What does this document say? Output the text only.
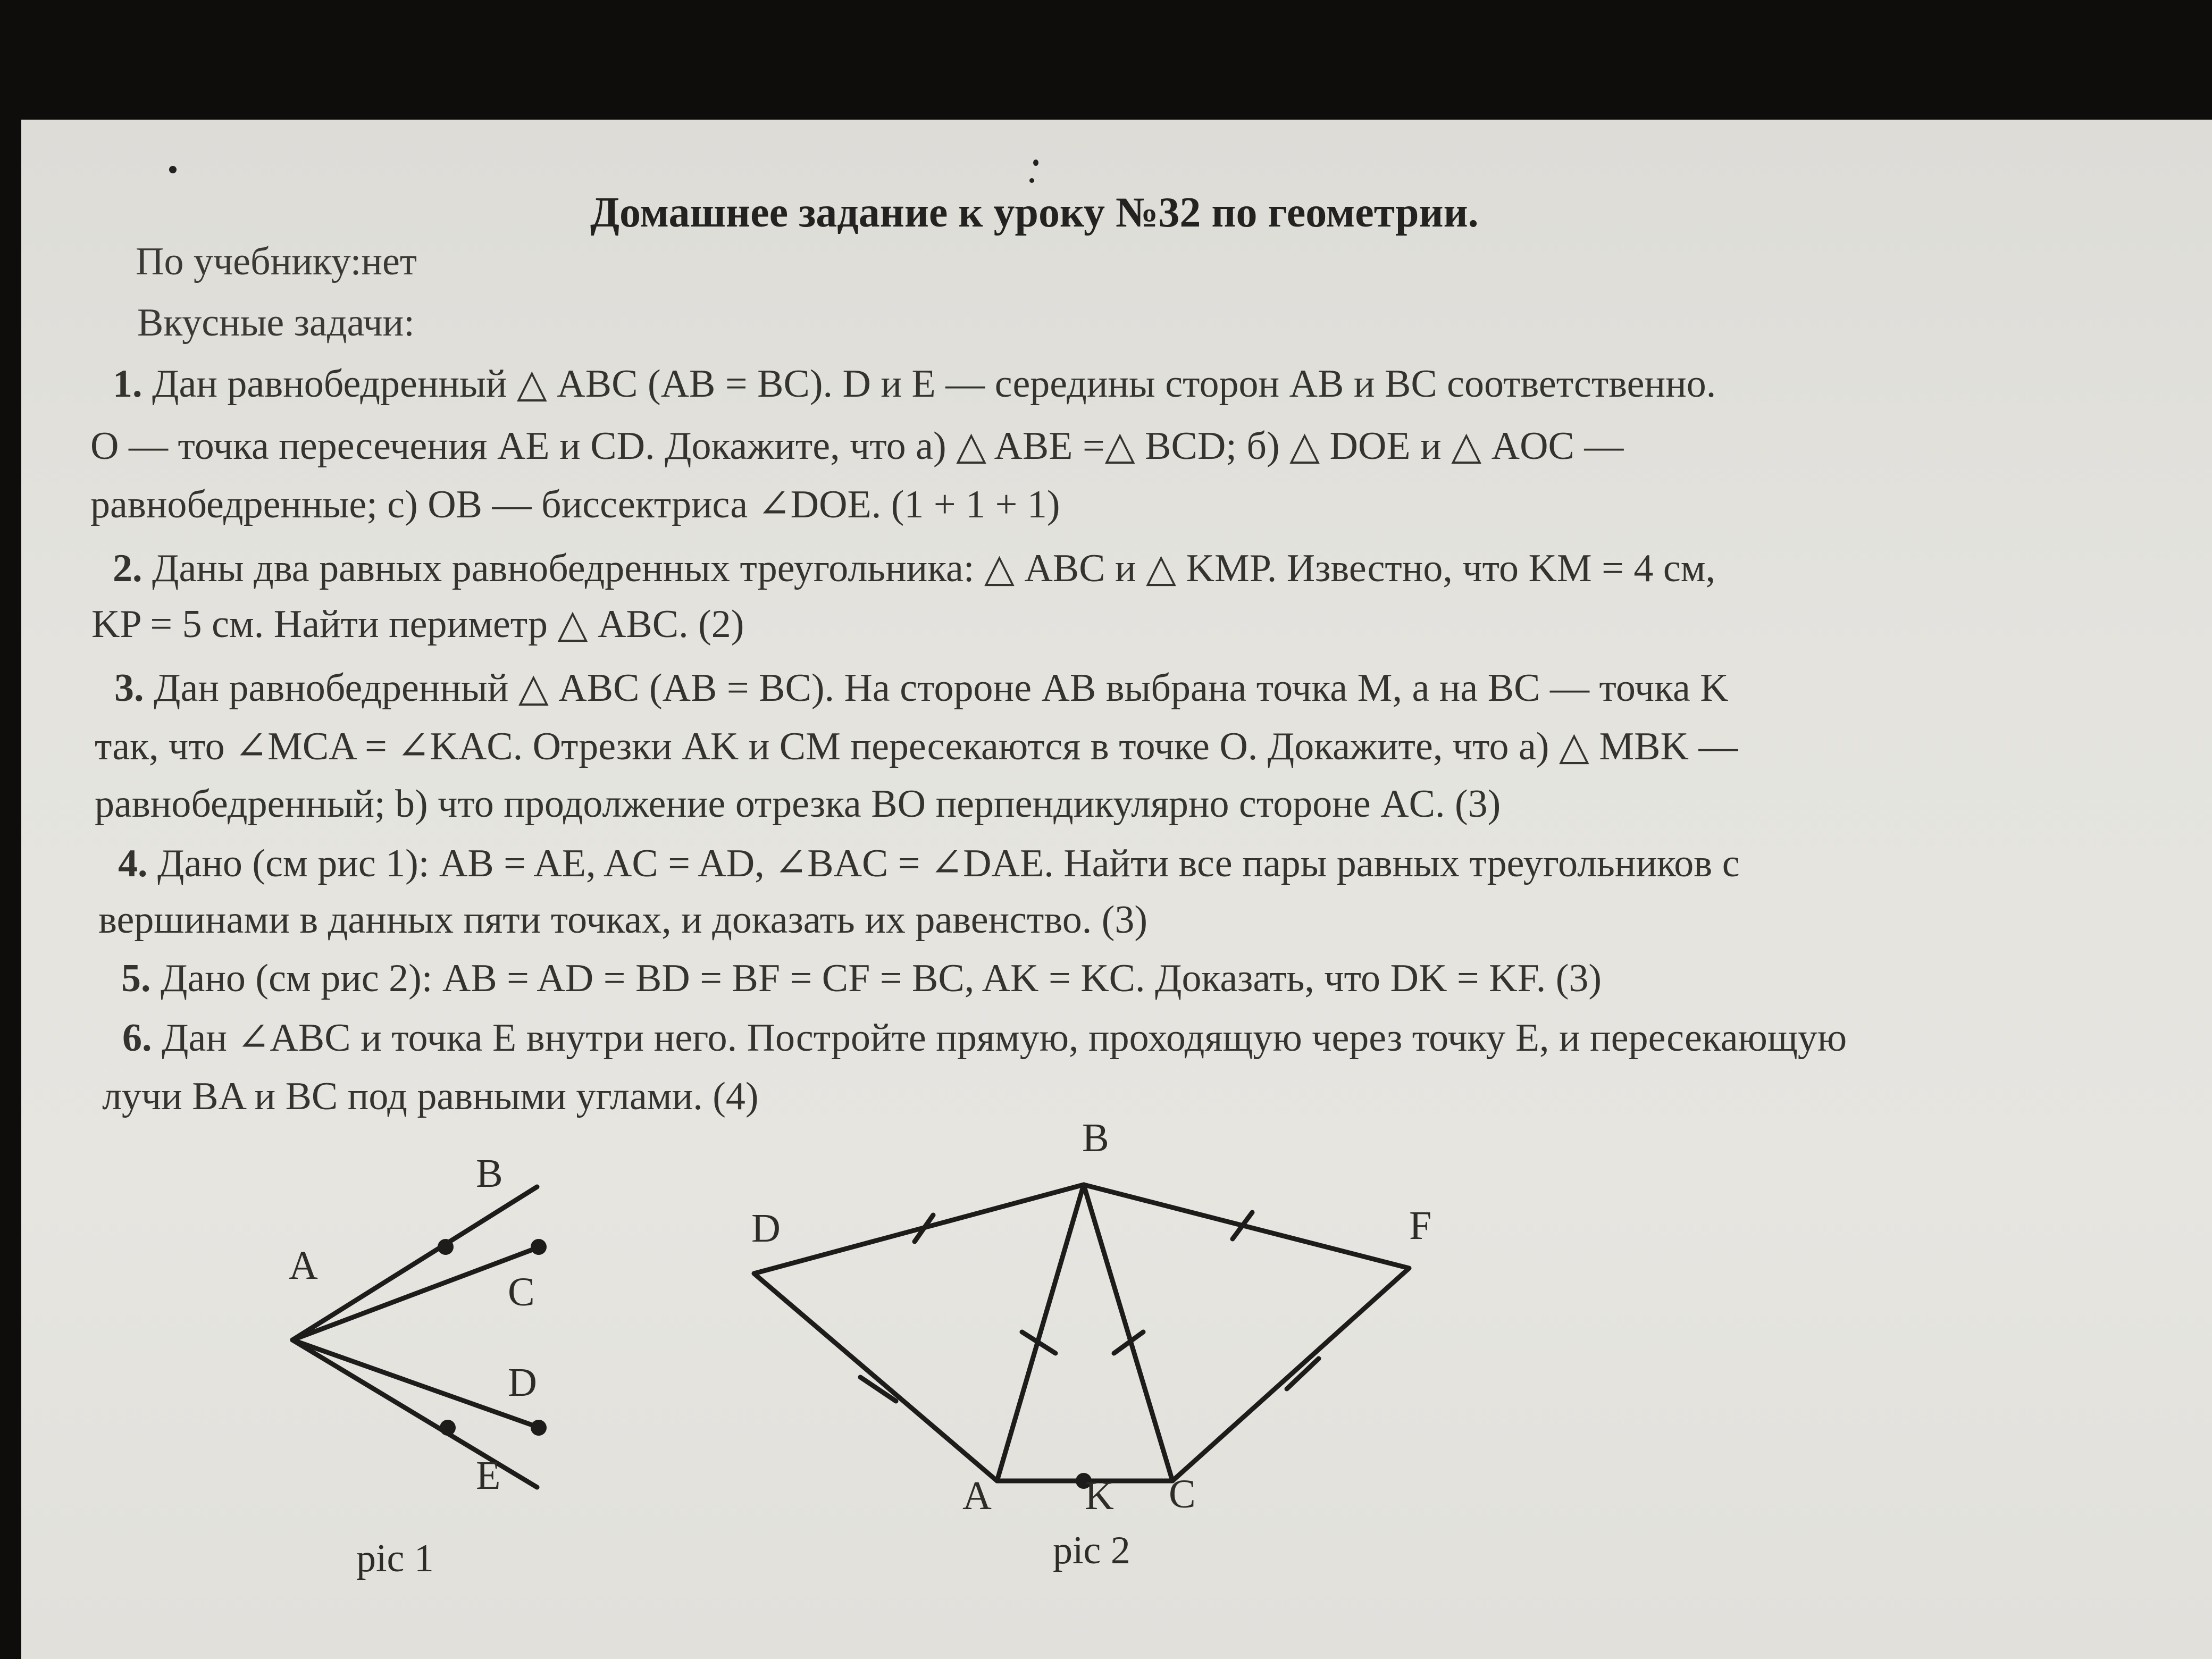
Домашнее задание к уроку №32 по геометрии.
По учебнику:нет
Вкусные задачи:
1. Дан равнобедренный △ ABC (AB = BC). D и E — середины сторон AB и BC соответственно.
O — точка пересечения AE и CD. Докажите, что a) △ ABE =△ BCD; б) △ DOE и △ AOC —
равнобедренные; c) OB — биссектриса ∠DOE. (1 + 1 + 1)
2. Даны два равных равнобедренных треугольника: △ ABC и △ KMP. Известно, что KM = 4 см,
KP = 5 см. Найти периметр △ ABC. (2)
3. Дан равнобедренный △ ABC (AB = BC). На стороне AB выбрана точка M, а на BC — точка K
так, что ∠MCA = ∠KAC. Отрезки AK и CM пересекаются в точке O. Докажите, что a) △ MBK —
равнобедренный; b) что продолжение отрезка BO перпендикулярно стороне AC. (3)
4. Дано (см рис 1): AB = AE, AC = AD, ∠BAC = ∠DAE. Найти все пары равных треугольников с
вершинами в данных пяти точках, и доказать их равенство. (3)
5. Дано (см рис 2): AB = AD = BD = BF = CF = BC, AK = KC. Доказать, что DK = KF. (3)
6. Дан ∠ABC и точка E внутри него. Постройте прямую, проходящую через точку E, и пересекающую
лучи BA и BC под равными углами. (4)
A
B
C
D
E
pic 1
B
D	F
A K C
pic 2
